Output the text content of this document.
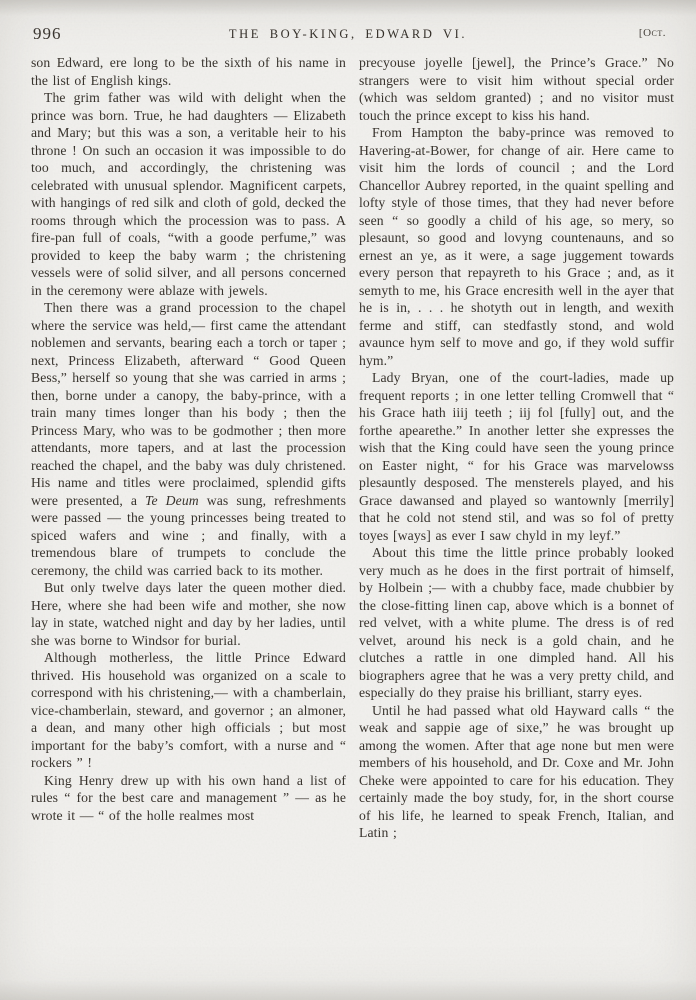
996	THE BOY-KING, EDWARD VI.	[Oct.

son Edward, ere long to be the sixth of his name in the list of English kings.

The grim father was wild with delight when the prince was born. True, he had daughters — Elizabeth and Mary; but this was a son, a veritable heir to his throne ! On such an occasion it was impossible to do too much, and accordingly, the christening was celebrated with unusual splendor. Magnificent carpets, with hangings of red silk and cloth of gold, decked the rooms through which the procession was to pass. A fire-pan full of coals, “with a goode perfume,” was provided to keep the baby warm ; the christening vessels were of solid silver, and all persons concerned in the ceremony were ablaze with jewels.

Then there was a grand procession to the chapel where the service was held,— first came the attendant noblemen and servants, bearing each a torch or taper ; next, Princess Elizabeth, afterward “ Good Queen Bess,” herself so young that she was carried in arms ; then, borne under a canopy, the baby-prince, with a train many times longer than his body ; then the Princess Mary, who was to be godmother ; then more attendants, more tapers, and at last the procession reached the chapel, and the baby was duly christened. His name and titles were proclaimed, splendid gifts were presented, a Te Deum was sung, refreshments were passed — the young princesses being treated to spiced wafers and wine ; and finally, with a tremendous blare of trumpets to conclude the ceremony, the child was carried back to its mother.

But only twelve days later the queen mother died. Here, where she had been wife and mother, she now lay in state, watched night and day by her ladies, until she was borne to Windsor for burial.

Although motherless, the little Prince Edward thrived. His household was organized on a scale to correspond with his christening,— with a chamberlain, vice-chamberlain, steward, and governor ; an almoner, a dean, and many other high officials ; but most important for the baby’s comfort, with a nurse and “ rockers ” !

King Henry drew up with his own hand a list of rules “ for the best care and management ” — as he wrote it — “ of the holle realmes most

precyouse joyelle [jewel], the Prince’s Grace.” No strangers were to visit him without special order (which was seldom granted) ; and no visitor must touch the prince except to kiss his hand.

From Hampton the baby-prince was removed to Havering-at-Bower, for change of air. Here came to visit him the lords of council ; and the Lord Chancellor Aubrey reported, in the quaint spelling and lofty style of those times, that they had never before seen “ so goodly a child of his age, so mery, so plesaunt, so good and lovyng countenauns, and so ernest an ye, as it were, a sage juggement towards every person that repayreth to his Grace ; and, as it semyth to me, his Grace encresith well in the ayer that he is in, . . . he shotyth out in length, and wexith ferme and stiff, can stedfastly stond, and wold avaunce hym self to move and go, if they wold suffir hym.”

Lady Bryan, one of the court-ladies, made up frequent reports ; in one letter telling Cromwell that “ his Grace hath iiij teeth ; iij fol [fully] out, and the forthe apearethe.” In another letter she expresses the wish that the King could have seen the young prince on Easter night, “ for his Grace was marvelowss plesauntly desposed. The mensterels played, and his Grace dawansed and played so wantownly [merrily] that he cold not stend stil, and was so fol of pretty toyes [ways] as ever I saw chyld in my leyf.”

About this time the little prince probably looked very much as he does in the first portrait of himself, by Holbein ;— with a chubby face, made chubbier by the close-fitting linen cap, above which is a bonnet of red velvet, with a white plume. The dress is of red velvet, around his neck is a gold chain, and he clutches a rattle in one dimpled hand. All his biographers agree that he was a very pretty child, and especially do they praise his brilliant, starry eyes.

Until he had passed what old Hayward calls “ the weak and sappie age of sixe,” he was brought up among the women. After that age none but men were members of his household, and Dr. Coxe and Mr. John Cheke were appointed to care for his education. They certainly made the boy study, for, in the short course of his life, he learned to speak French, Italian, and Latin ;
